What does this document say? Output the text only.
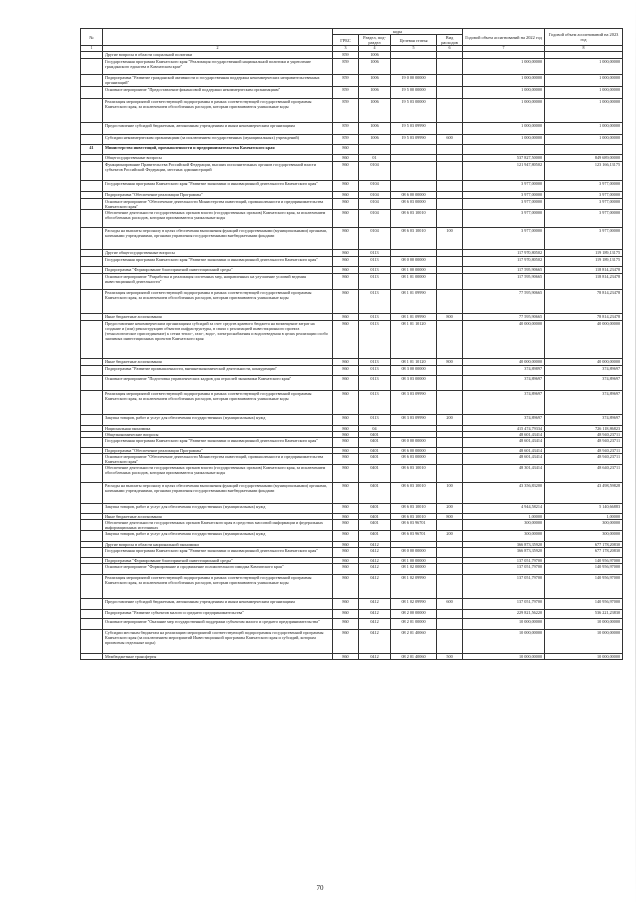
№		коды				Годовой объем ассигнований на 2022 год	Годовой объем ассигнований на 2023 год
		ГРБС	Раздел, под-раздел	Целевая статья	Вид расходов		
1	2	3	4	5	6	7	8
	Другие вопросы в области социальной политики	859	1006				
	Государственная программа Камчатского края "Реализация государственной национальной политики и укрепление гражданского единства в Камчатском крае"	859	1006			1 000,00000	1 000,00000
	Подпрограмма "Развитие гражданской активности и государственная поддержка некоммерческих неправительственных организаций"	859	1006	19 0 00 00000		1 000,00000	1 000,00000
	Основное мероприятие "Предоставление финансовой поддержки некоммерческим организациям"	859	1006	19 5 00 00000		1 000,00000	1 000,00000
	Реализация мероприятий соответствующей подпрограммы в рамках соответствующей государственной программы Камчатского края, за исключением обособленных расходов, которым присваиваются уникальные коды	859	1006	19 5 03 00000		1 000,00000	1 000,00000
	Предоставление субсидий бюджетным, автономным учреждениям и иным некоммерческим организациям	859	1006	19 5 03 09990		1 000,00000	1 000,00000
	Субсидии некоммерческим организациям (за исключением государственных (муниципальных) учреждений)	859	1006	19 5 03 09990	600	1 000,00000	1 000,00000
41	Министерство инвестиций, промышленности и предпринимательства Камчатского края	860					
	Общегосударственные вопросы	860	01			537 827,50000	849 689,00000
	Функционирование Правительства Российской Федерации, высших исполнительных органов государственной власти субъектов Российской Федерации, местных администраций	860	0104			121 947,80502	123 166,13175
	Государственная программа Камчатского края "Развитие экономики и инновационной деятельности Камчатского края"	860	0104			3 977,00000	3 977,00000
	Подпрограмма "Обеспечение реализации Программы"	860	0104	08 6 00 00000		3 977,00000	3 977,00000
	Основное мероприятие "Обеспечение деятельности Министерства инвестиций, промышленности и предпринимательства Камчатского края"	860	0104	08 6 03 00000		3 977,00000	3 977,00000
	Обеспечение деятельности государственных органов власти (государственных органов) Камчатского края, за исключением обособленных расходов, которым присваиваются уникальные коды	860	0104	08 6 03 10010		3 977,00000	3 977,00000
	Расходы на выплаты персоналу в целях обеспечения выполнения функций государственными (муниципальными) органами, казенными учреждениями, органами управления государственными внебюджетными фондами	860	0104	08 6 03 10010	100	3 977,00000	3 977,00000
	Другие общегосударственные вопросы	860	0113			117 970,80502	119 189,13175
	Государственная программа Камчатского края "Развитие экономики и инновационной деятельности Камчатского края"	860	0113	08 0 00 00000		117 970,80502	119 189,13175
	Подпрограмма "Формирование благоприятной инвестиционной среды"	860	0113	08 1 00 00000		117 595,90665	118 814,23478
	Основное мероприятие "Разработка и реализация системных мер, направленных на улучшение условий ведения инвестиционной деятельности"	860	0113	08 1 01 00000		117 595,90665	118 814,23478
	Реализация мероприятий соответствующей подпрограммы в рамках соответствующей государственной программы Камчатского края, за исключением обособленных расходов, которым присваиваются уникальные коды	860	0113	08 1 01 09990		77 595,90665	78 814,23478
	Иные бюджетные ассигнования	860	0113	08 1 01 09990	800	77 595,90665	78 814,23478
	Предоставление некоммерческим организациям субсидий за счет средств краевого бюджета на возмещение затрат на создание и (или) реконструкцию объектов инфраструктуры, в связи с реализацией инвестиционного проекта (технологическое присоединение) к сетям тепло-, газо-, водо-, электроснабжения и водоотведения в целях реализации особо значимых инвестиционных проектов Камчатского края	860	0113	08 1 01 10120		40 000,00000	40 000,00000
	Иные бюджетные ассигнования	860	0113	08 1 01 10120	800	40 000,00000	40 000,00000
	Подпрограмма "Развитие промышленности, внешнеэкономической деятельности, конкуренции"	860	0113	08 3 00 00000		374,89897	374,89697
	Основное мероприятие "Подготовка управленческих кадров для отраслей экономики Камчатского края"	860	0113	08 3 03 00000		374,89697	374,89697
	Реализация мероприятий соответствующей подпрограммы в рамках соответствующей государственной программы Камчатского края, за исключением обособленных расходов, которым присваиваются уникальные коды	860	0113	08 3 03 09990		374,89697	374,89697
	Закупка товаров, работ и услуг для обеспечения государственных (муниципальных) нужд	860	0113	08 3 03 09990	200	374,89697	374,89697
	Национальная экономика	860	04			415 474,79334	726 118,86823
	Общеэкономические вопросы	860	0401			48 601,43414	48 940,23711
	Государственная программа Камчатского края "Развитие экономики и инновационной деятельности Камчатского края"	860	0401	08 0 00 00000		48 601,43414	48 940,23711
	Подпрограмма "Обеспечение реализации Программы"	860	0401	08 6 00 00000		48 601,43414	48 940,23711
	Основное мероприятие "Обеспечение деятельности Министерства инвестиций, промышленности и предпринимательства Камчатского края"	860	0401	08 6 03 00000		48 601,43414	48 940,23711
	Обеспечение деятельности государственных органов власти (государственных органов) Камчатского края, за исключением обособленных расходов, которым присваиваются уникальные коды	860	0401	08 6 03 10010		48 301,43414	48 640,23711
	Расходы на выплаты персоналу в целях обеспечения выполнения функций государственными (муниципальными) органами, казенными учреждениями, органами управления государственными внебюджетными фондами	860	0401	08 6 03 10010	100	43 356,83200	43 498,59828
	Закупка товаров, работ и услуг для обеспечения государственных (муниципальных) нужд	860	0401	08 6 03 10010	200	4 944,58214	5 140,66883
	Иные бюджетные ассигнования	860	0401	08 6 03 10010	800	1,00000	1,00000
	Обеспечение деятельности государственных органов Камчатского края в средствах массовой информации и федеральных информационных источниках	860	0401	08 6 03 96701		300,00000	300,00000
	Закупка товаров, работ и услуг для обеспечения государственных (муниципальных) нужд	860	0401	08 6 03 96701	200	300,00000	300,00000
	Другие вопросы в области национальной экономики	860	0412			366 873,35920	677 178,20830
	Государственная программа Камчатского края "Развитие экономики и инновационной деятельности Камчатского края"	860	0412	08 0 00 00000		366 873,35920	677 178,20830
	Подпрограмма "Формирование благоприятной инвестиционной среды"	860	0412	08 1 00 00000		137 051,79700	140 956,97000
	Основное мероприятие "Формирование и продвижение положительного имиджа Камчатского края"	860	0412	08 1 02 00000		137 051,79700	140 956,97000
	Реализация мероприятий соответствующей подпрограммы в рамках соответствующей государственной программы Камчатского края, за исключением обособленных расходов, которым присваиваются уникальные коды	860	0412	08 1 02 09990		137 051,79700	140 956,97000
	Предоставление субсидий бюджетным, автономным учреждениям и иным некоммерческим организациям	860	0412	08 1 02 09990	600	137 051,79700	140 956,97000
	Подпрограмма "Развитие субъектов малого и среднего предпринимательства"	860	0412	08 2 00 00000		229 821,56220	536 221,23830
	Основное мероприятие "Оказание мер государственной поддержки субъектам малого и среднего предпринимательства"	860	0412	08 2 01 00000		10 000,00000	10 000,00000
	Субсидии местным бюджетам на реализацию мероприятий соответствующей подпрограммы государственной программы Камчатского края (за исключением мероприятий Инвестиционной программы Камчатского края и субсидий, которым присвоены отдельные коды)	860	0412	08 2 01 40060		10 000,00000	10 000,00000
	Межбюджетные трансферты	860	0412	08 2 01 40060	500	10 000,00000	10 000,00000
70
